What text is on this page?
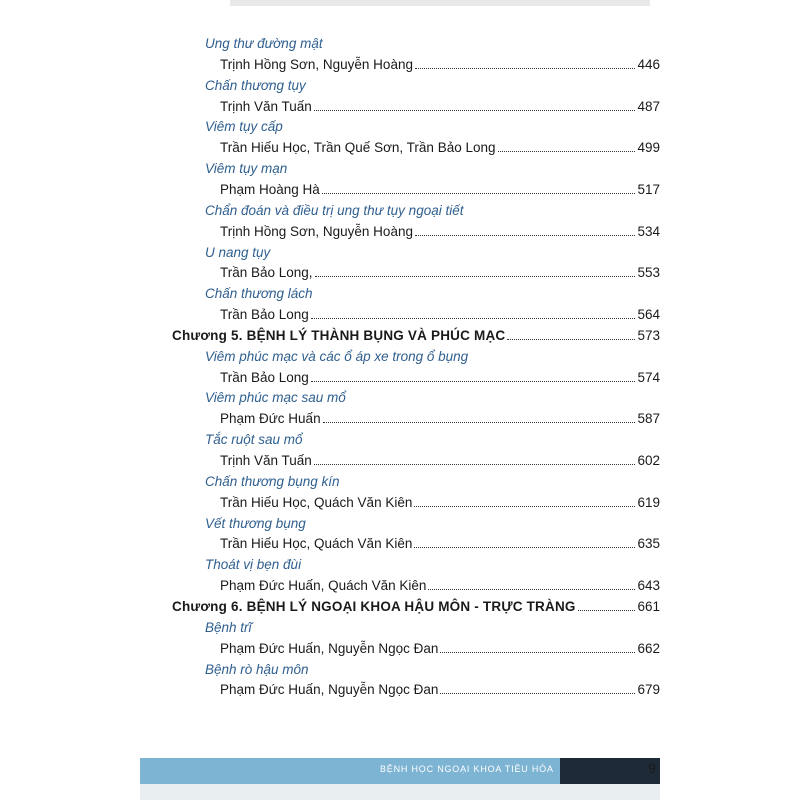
Ung thư đường mật
Trịnh Hồng Sơn, Nguyễn Hoàng	446
Chấn thương tụy
Trịnh Văn Tuấn	487
Viêm tụy cấp
Trần Hiếu Học, Trần Quế Sơn, Trần Bảo Long	499
Viêm tụy mạn
Phạm Hoàng Hà	517
Chẩn đoán và điều trị ung thư tụy ngoại tiết
Trịnh Hồng Sơn, Nguyễn Hoàng	534
U nang tụy
Trần Bảo Long,	553
Chấn thương lách
Trần Bảo Long	564
Chương 5. BỆNH LÝ THÀNH BỤNG VÀ PHÚC MẠC	573
Viêm phúc mạc và các ổ áp xe trong ổ bụng
Trần Bảo Long	574
Viêm phúc mạc sau mổ
Phạm Đức Huấn	587
Tắc ruột sau mổ
Trịnh Văn Tuấn	602
Chấn thương bụng kín
Trần Hiếu Học, Quách Văn Kiên	619
Vết thương bụng
Trần Hiếu Học, Quách Văn Kiên	635
Thoát vị bẹn đùi
Phạm Đức Huấn, Quách Văn Kiên	643
Chương 6. BỆNH LÝ NGOẠI KHOA HẬU MÔN - TRỰC TRÀNG	661
Bệnh trĩ
Phạm Đức Huấn, Nguyễn Ngọc Đan	662
Bệnh rò hậu môn
Phạm Đức Huấn, Nguyễn Ngọc Đan	679
BỆNH HỌC NGOẠI KHOA TIÊU HÓA	9
